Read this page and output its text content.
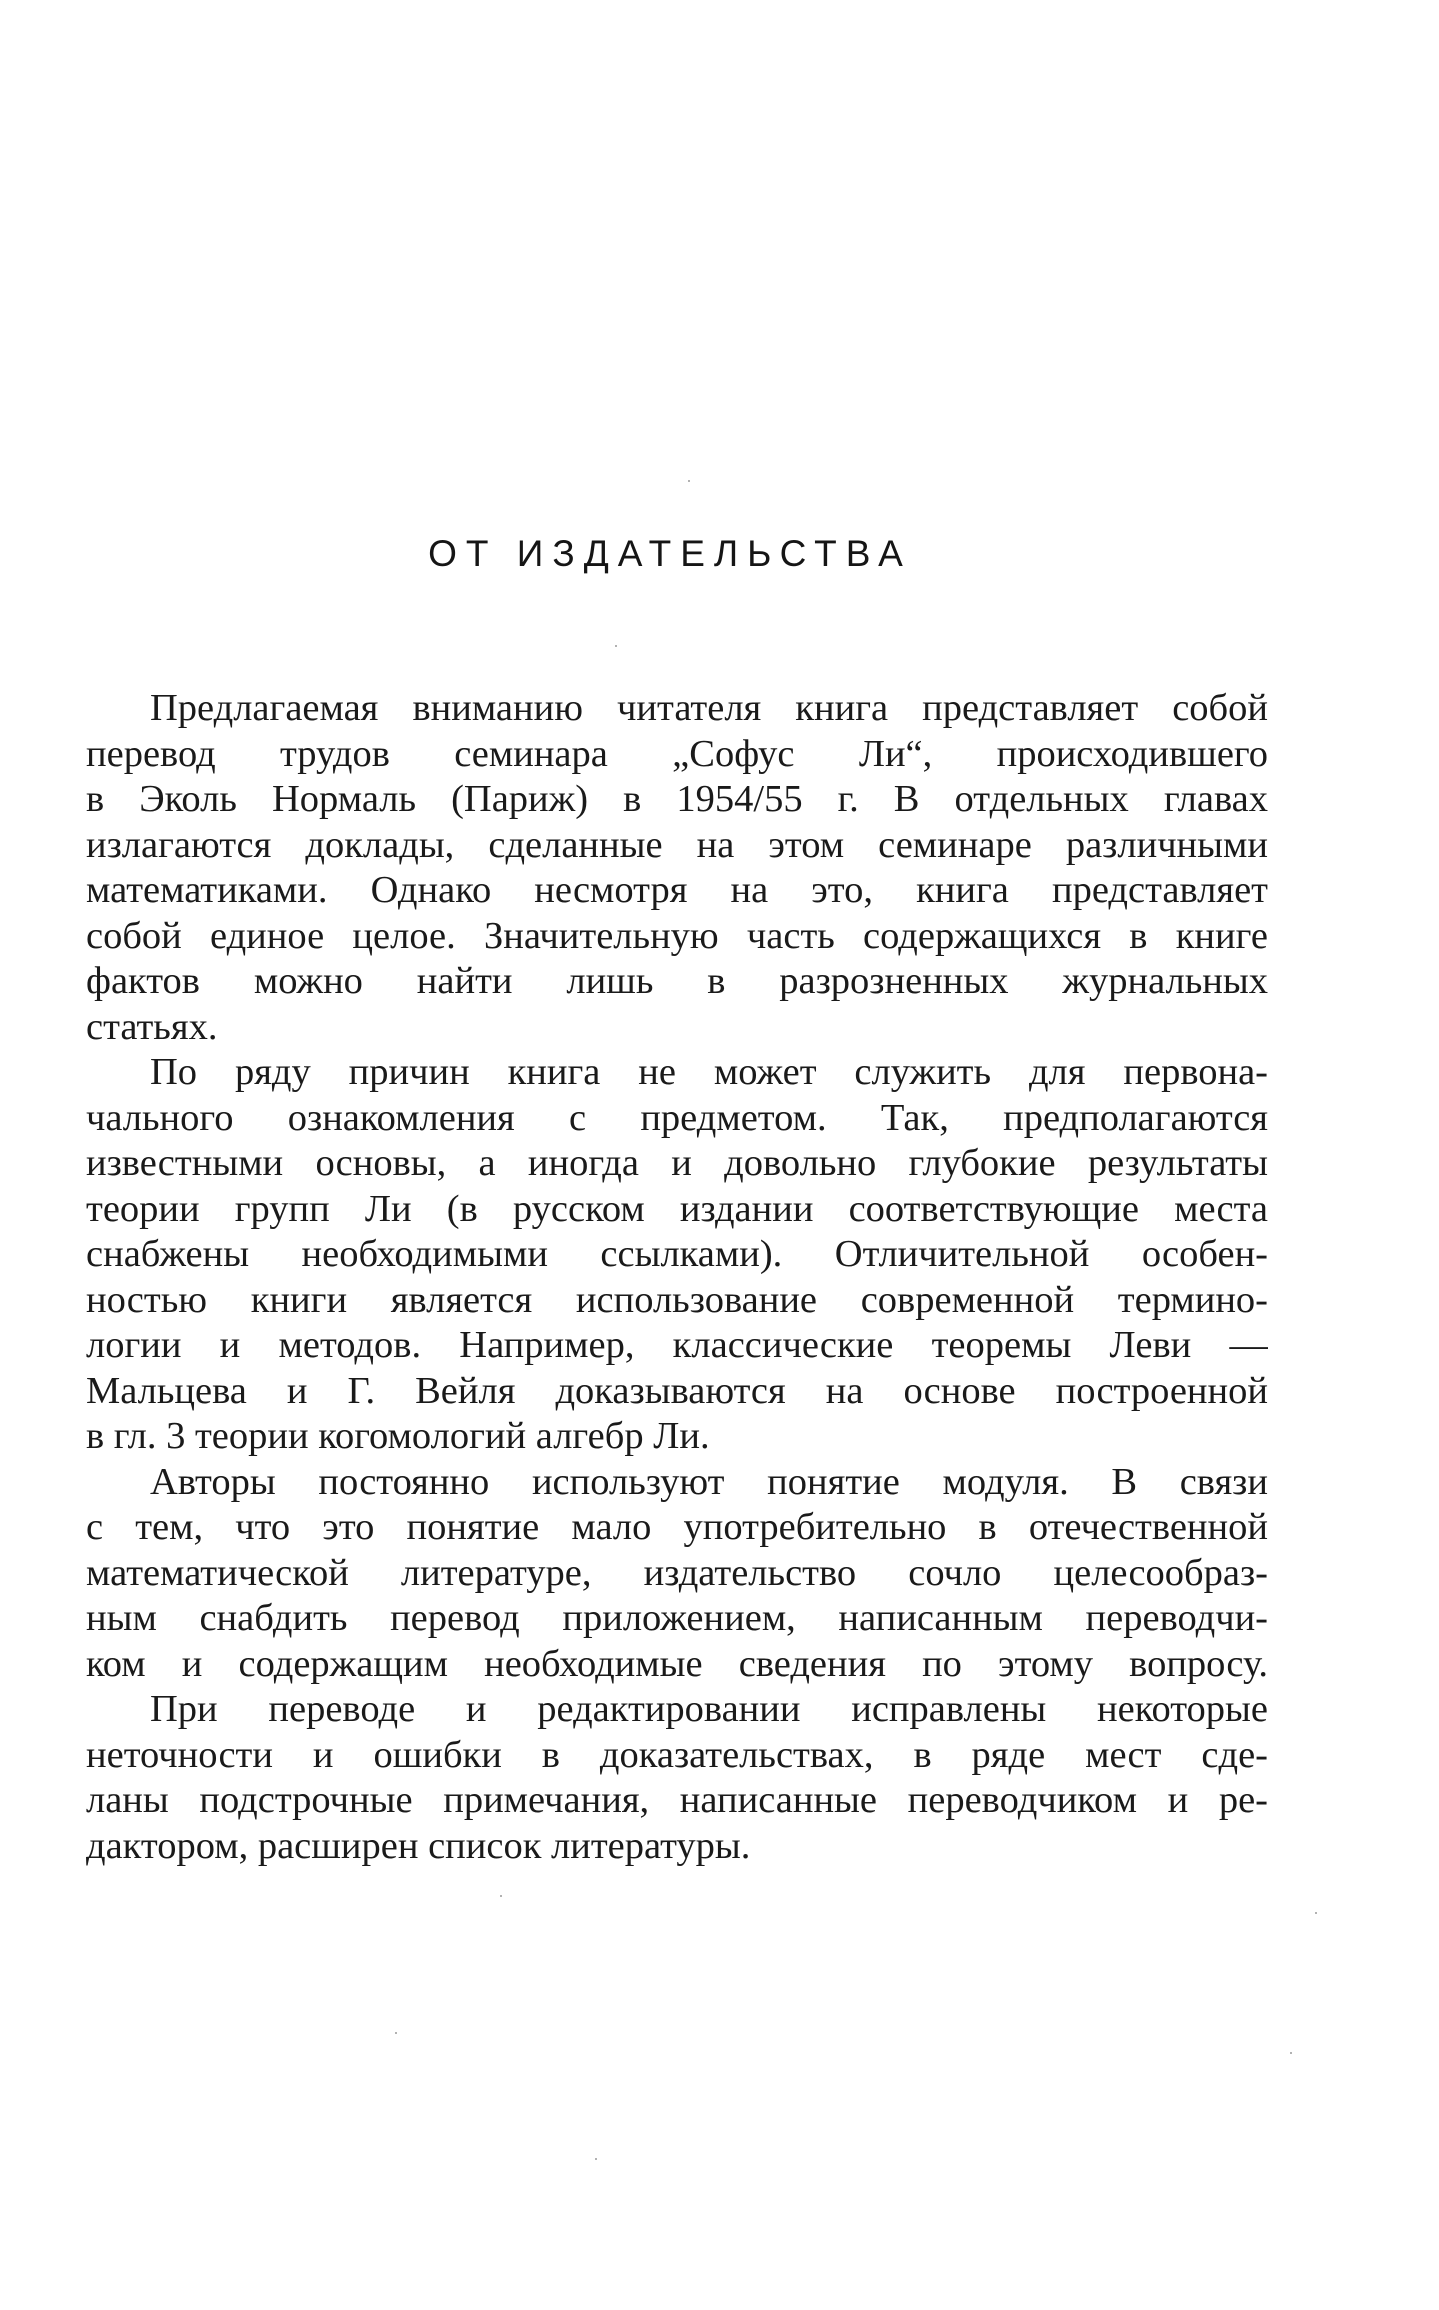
ОТ ИЗДАТЕЛЬСТВА
Предлагаемая вниманию читателя книга представляет собой
перевод трудов семинара „Софус Ли“, происходившего
в Эколь Нормаль (Париж) в 1954/55 г. В отдельных главах
излагаются доклады, сделанные на этом семинаре различными
математиками. Однако несмотря на это, книга представляет
собой единое целое. Значительную часть содержащихся в книге
фактов можно найти лишь в разрозненных журнальных
статьях.
По ряду причин книга не может служить для первона-
чального ознакомления с предметом. Так, предполагаются
известными основы, а иногда и довольно глубокие результаты
теории групп Ли (в русском издании соответствующие места
снабжены необходимыми ссылками). Отличительной особен-
ностью книги является использование современной терминo-
логии и методов. Например, классические теоремы Леви —
Мальцева и Г. Вейля доказываются на основе построенной
в гл. 3 теории когомологий алгебр Ли.
Авторы постоянно используют понятие модуля. В связи
с тем, что это понятие мало употребительно в отечественной
математической литературе, издательство сочло целесообраз-
ным снабдить перевод приложением, написанным переводчи-
ком и содержащим необходимые сведения по этому вопросу.
При переводе и редактировании исправлены некоторые
неточности и ошибки в доказательствах, в ряде мест сде-
ланы подстрочные примечания, написанные переводчиком и ре-
дактором, расширен список литературы.
